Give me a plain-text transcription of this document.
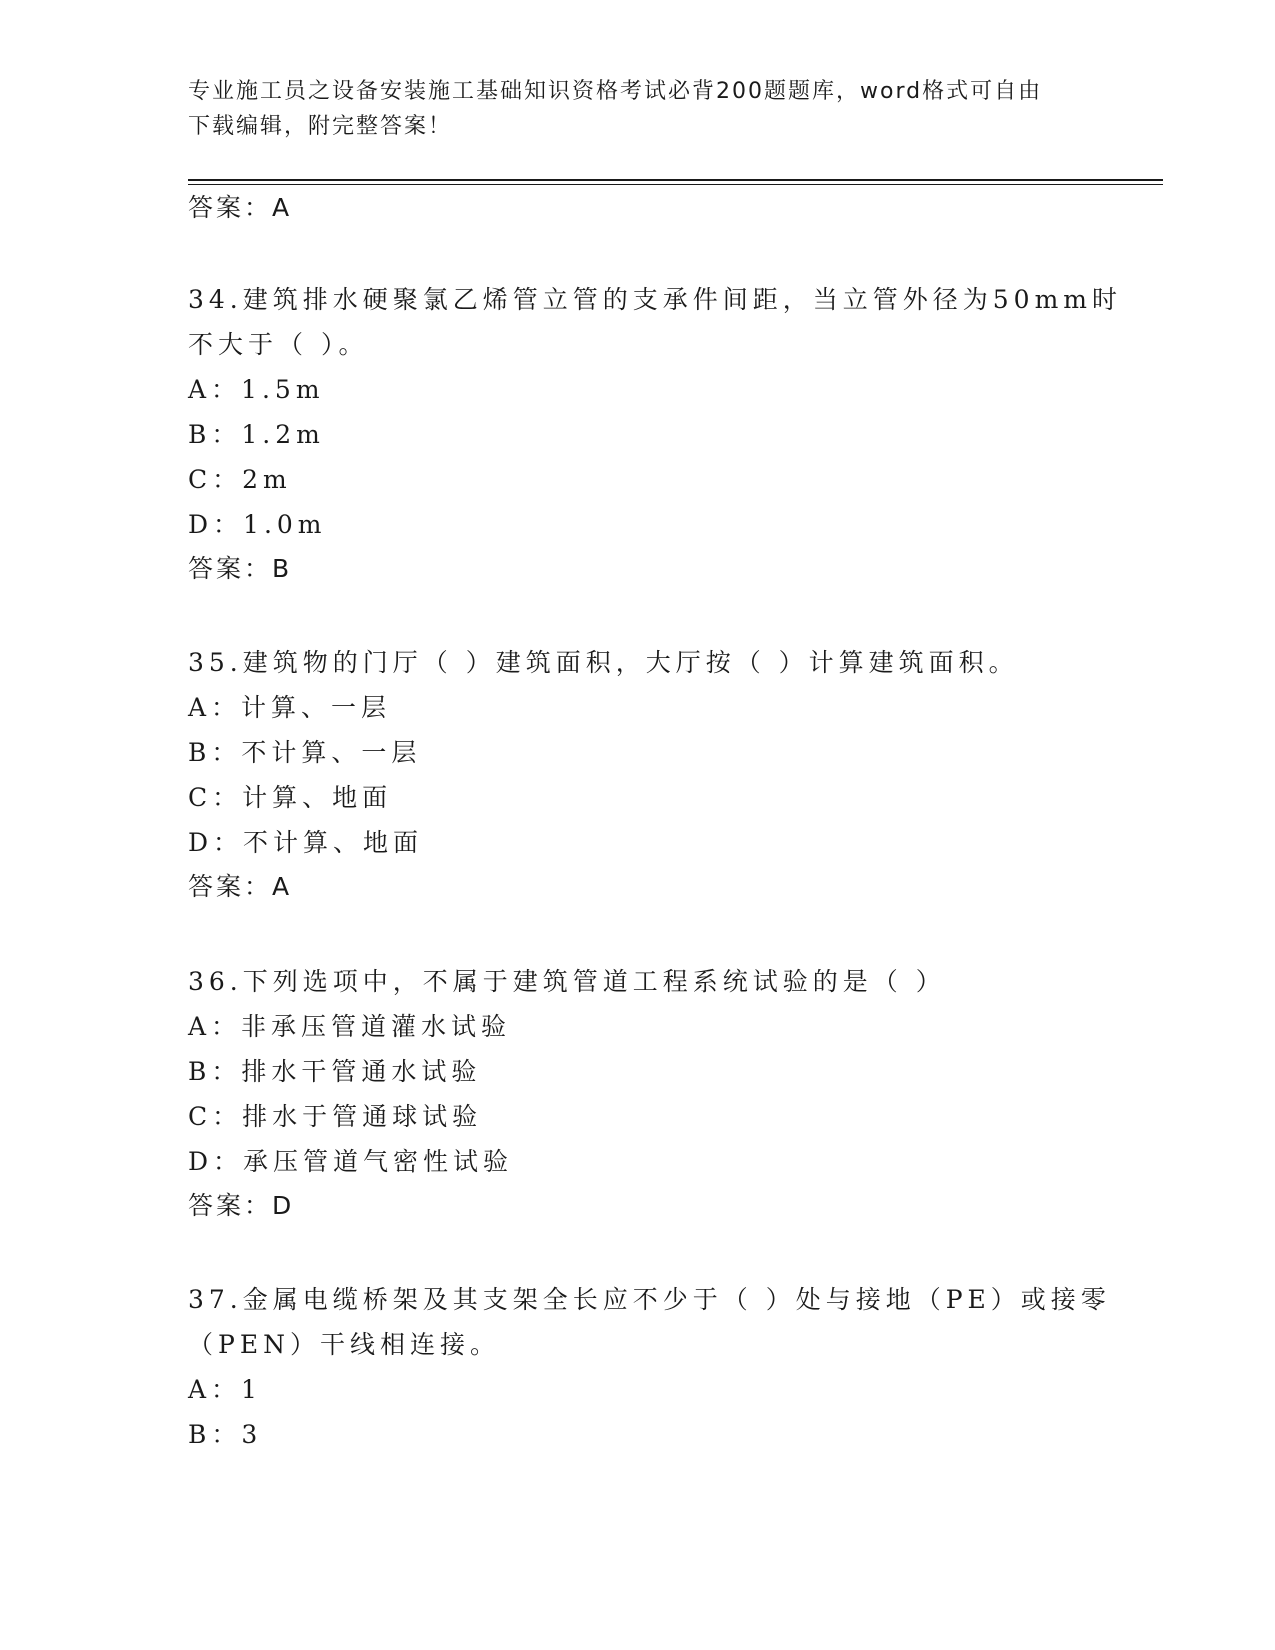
专业施工员之设备安装施工基础知识资格考试必背200题题库，word格式可自由
下载编辑，附完整答案！
答案：A
34.建筑排水硬聚氯乙烯管立管的支承件间距，当立管外径为50mm时
不大于（ ）。
A：1.5m
B：1.2m
C：2m
D：1.0m
答案：B
35.建筑物的门厅（ ）建筑面积，大厅按（ ）计算建筑面积。
A：计算、一层
B：不计算、一层
C：计算、地面
D：不计算、地面
答案：A
36.下列选项中，不属于建筑管道工程系统试验的是（ ）
A：非承压管道灌水试验
B：排水干管通水试验
C：排水于管通球试验
D：承压管道气密性试验
答案：D
37.金属电缆桥架及其支架全长应不少于（ ）处与接地（PE）或接零
（PEN）干线相连接。
A：1
B：3
